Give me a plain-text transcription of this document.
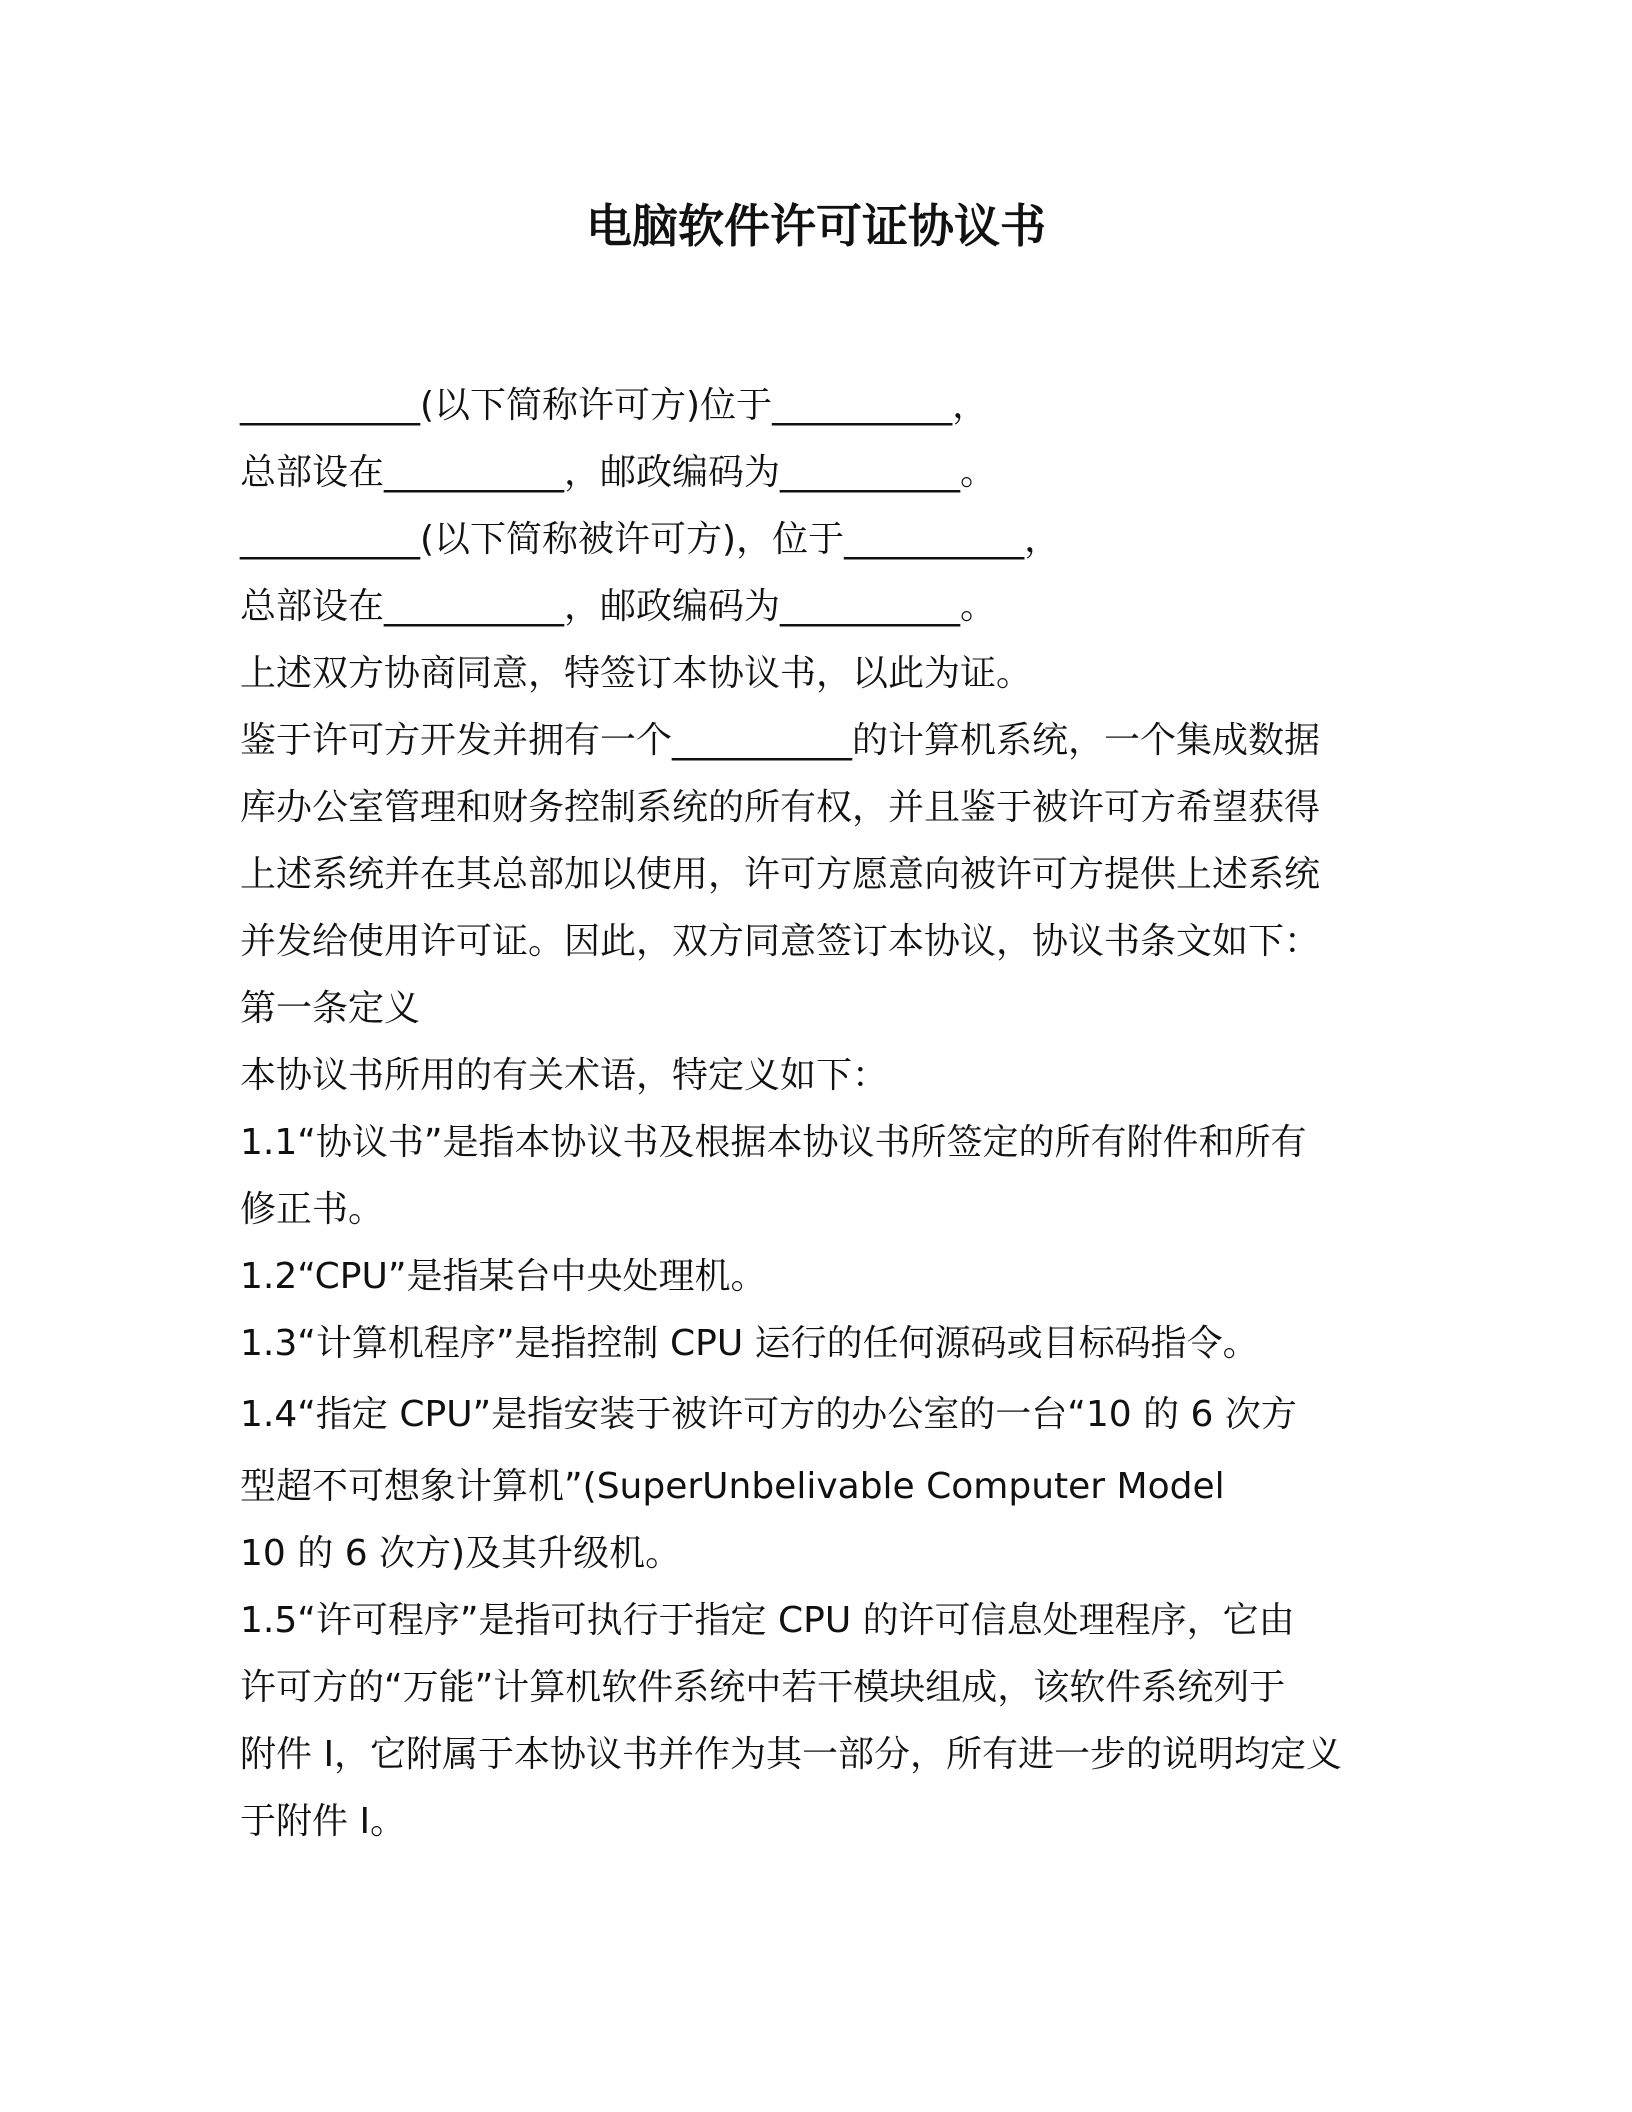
电脑软件许可证协议书
__________(以下简称许可方)位于__________，
总部设在__________，邮政编码为__________。
__________(以下简称被许可方)，位于__________，
总部设在__________，邮政编码为__________。
上述双方协商同意，特签订本协议书，以此为证。
鉴于许可方开发并拥有一个__________的计算机系统，一个集成数据
库办公室管理和财务控制系统的所有权，并且鉴于被许可方希望获得
上述系统并在其总部加以使用，许可方愿意向被许可方提供上述系统
并发给使用许可证。因此，双方同意签订本协议，协议书条文如下：
第一条定义
本协议书所用的有关术语，特定义如下：
1.1“协议书”是指本协议书及根据本协议书所签定的所有附件和所有
修正书。
1.2“CPU”是指某台中央处理机。
1.3“计算机程序”是指控制 CPU 运行的任何源码或目标码指令。
1.4“指定 CPU”是指安装于被许可方的办公室的一台“10 的 6 次方
型超不可想象计算机”(SuperUnbelivable Computer Model
10 的 6 次方)及其升级机。
1.5“许可程序”是指可执行于指定 CPU 的许可信息处理程序，它由
许可方的“万能”计算机软件系统中若干模块组成，该软件系统列于
附件 I，它附属于本协议书并作为其一部分，所有进一步的说明均定义
于附件 I。
